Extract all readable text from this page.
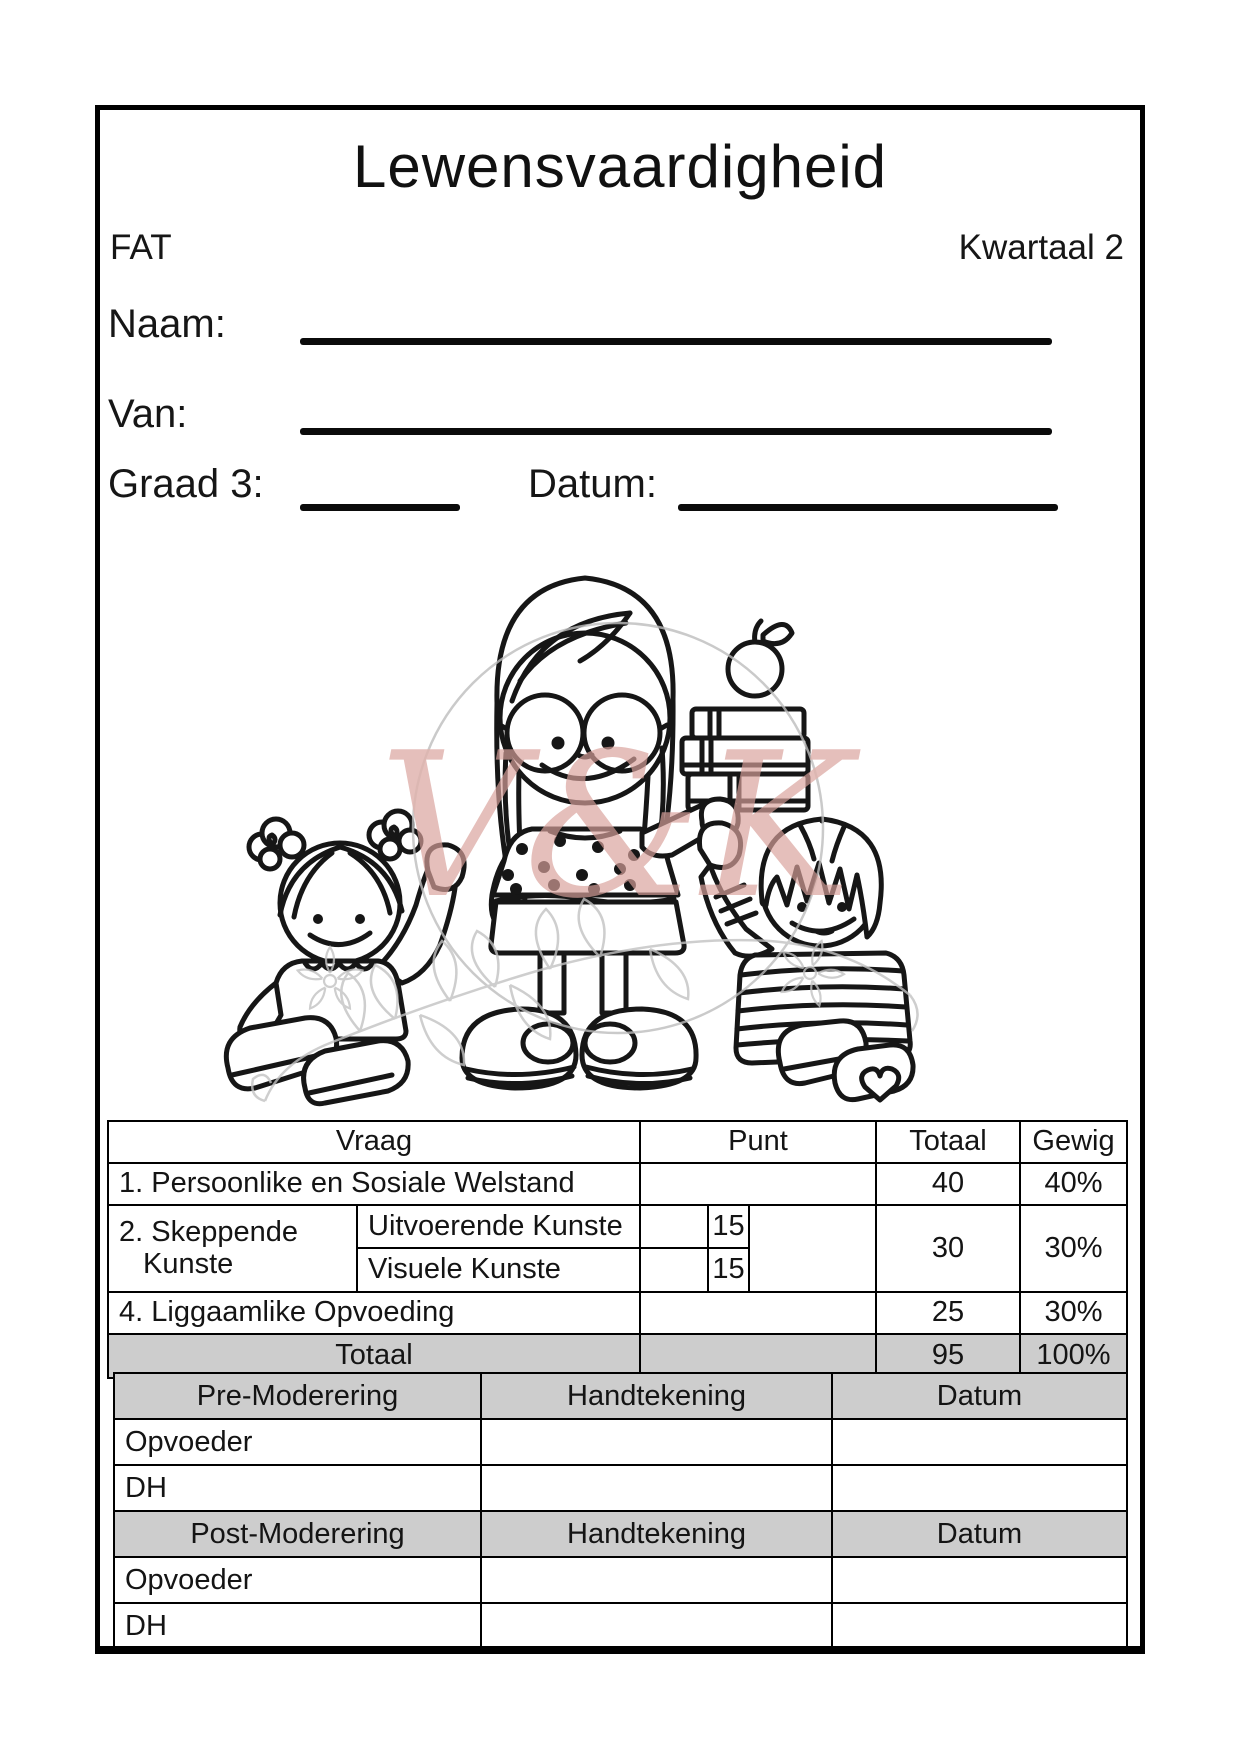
Lewensvaardigheid
FAT	Kwartaal 2
Naam:
Van:
Graad 3:	Datum:
V&K
Vraag		Punt			Totaal	Gewig
1. Persoonlike en Sosiale Welstand					40	40%

2. Skeppende
Kunste	Uitvoerende Kunste		15		30	30%
	Visuele Kunste		15			
4. Liggaamlike Opvoeding					25	30%
Totaal					95	100%
Pre-Moderering	Handtekening	Datum
Opvoeder		
DH		
Post-Moderering	Handtekening	Datum
Opvoeder		
DH		
